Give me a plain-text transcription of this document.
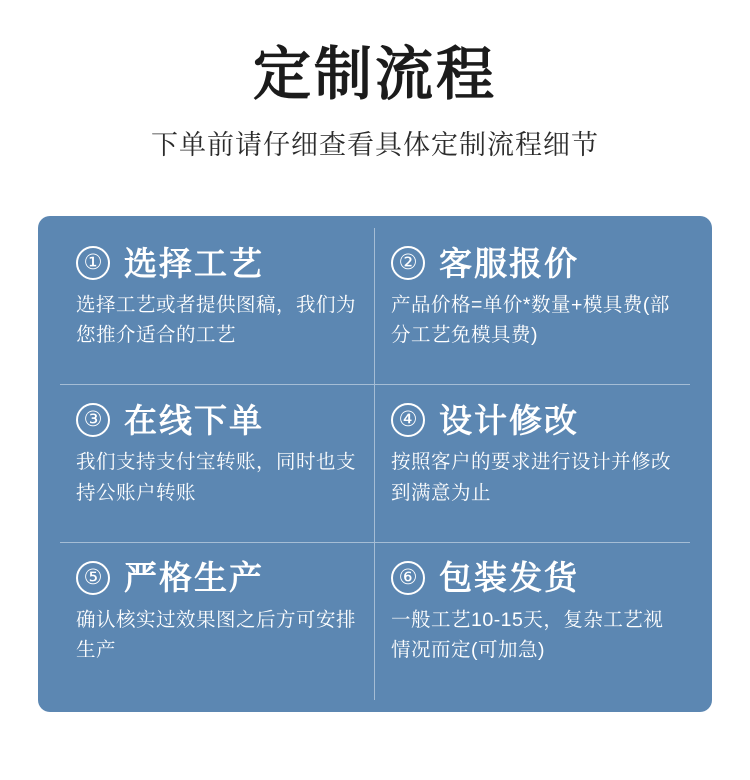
定制流程

下单前请仔细查看具体定制流程细节

① 选择工艺
选择工艺或者提供图稿，我们为您推介适合的工艺
② 客服报价
产品价格=单价*数量+模具费(部分工艺免模具费)
③ 在线下单
我们支持支付宝转账，同时也支持公账户转账
④ 设计修改
按照客户的要求进行设计并修改到满意为止
⑤ 严格生产
确认核实过效果图之后方可安排生产
⑥ 包装发货
一般工艺10-15天，复杂工艺视情况而定(可加急)
